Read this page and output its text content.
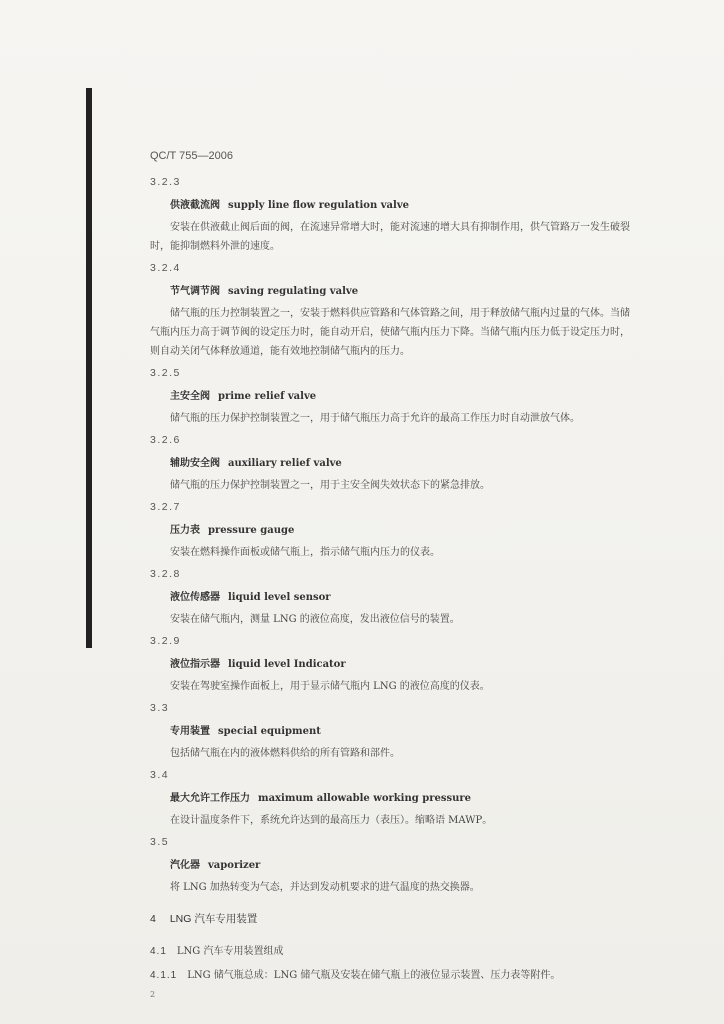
QC/T 755—2006
3.2.3
供液截流阀 supply line flow regulation valve
安装在供液截止阀后面的阀，在流速异常增大时，能对流速的增大具有抑制作用，供气管路万一发生破裂时，能抑制燃料外泄的速度。
3.2.4
节气调节阀 saving regulating valve
储气瓶的压力控制装置之一，安装于燃料供应管路和气体管路之间，用于释放储气瓶内过量的气体。当储气瓶内压力高于调节阀的设定压力时，能自动开启，使储气瓶内压力下降。当储气瓶内压力低于设定压力时，则自动关闭气体释放通道，能有效地控制储气瓶内的压力。
3.2.5
主安全阀 prime relief valve
储气瓶的压力保护控制装置之一，用于储气瓶压力高于允许的最高工作压力时自动泄放气体。
3.2.6
辅助安全阀 auxiliary relief valve
储气瓶的压力保护控制装置之一，用于主安全阀失效状态下的紧急排放。
3.2.7
压力表 pressure gauge
安装在燃料操作面板或储气瓶上，指示储气瓶内压力的仪表。
3.2.8
液位传感器 liquid level sensor
安装在储气瓶内，测量 LNG 的液位高度，发出液位信号的装置。
3.2.9
液位指示器 liquid level Indicator
安装在驾驶室操作面板上，用于显示储气瓶内 LNG 的液位高度的仪表。
3.3
专用装置 special equipment
包括储气瓶在内的液体燃料供给的所有管路和部件。
3.4
最大允许工作压力 maximum allowable working pressure
在设计温度条件下，系统允许达到的最高压力（表压）。缩略语 MAWP。
3.5
汽化器 vaporizer
将 LNG 加热转变为气态，并达到发动机要求的进气温度的热交换器。
4 LNG 汽车专用装置
4.1 LNG 汽车专用装置组成
4.1.1 LNG 储气瓶总成：LNG 储气瓶及安装在储气瓶上的液位显示装置、压力表等附件。
2
